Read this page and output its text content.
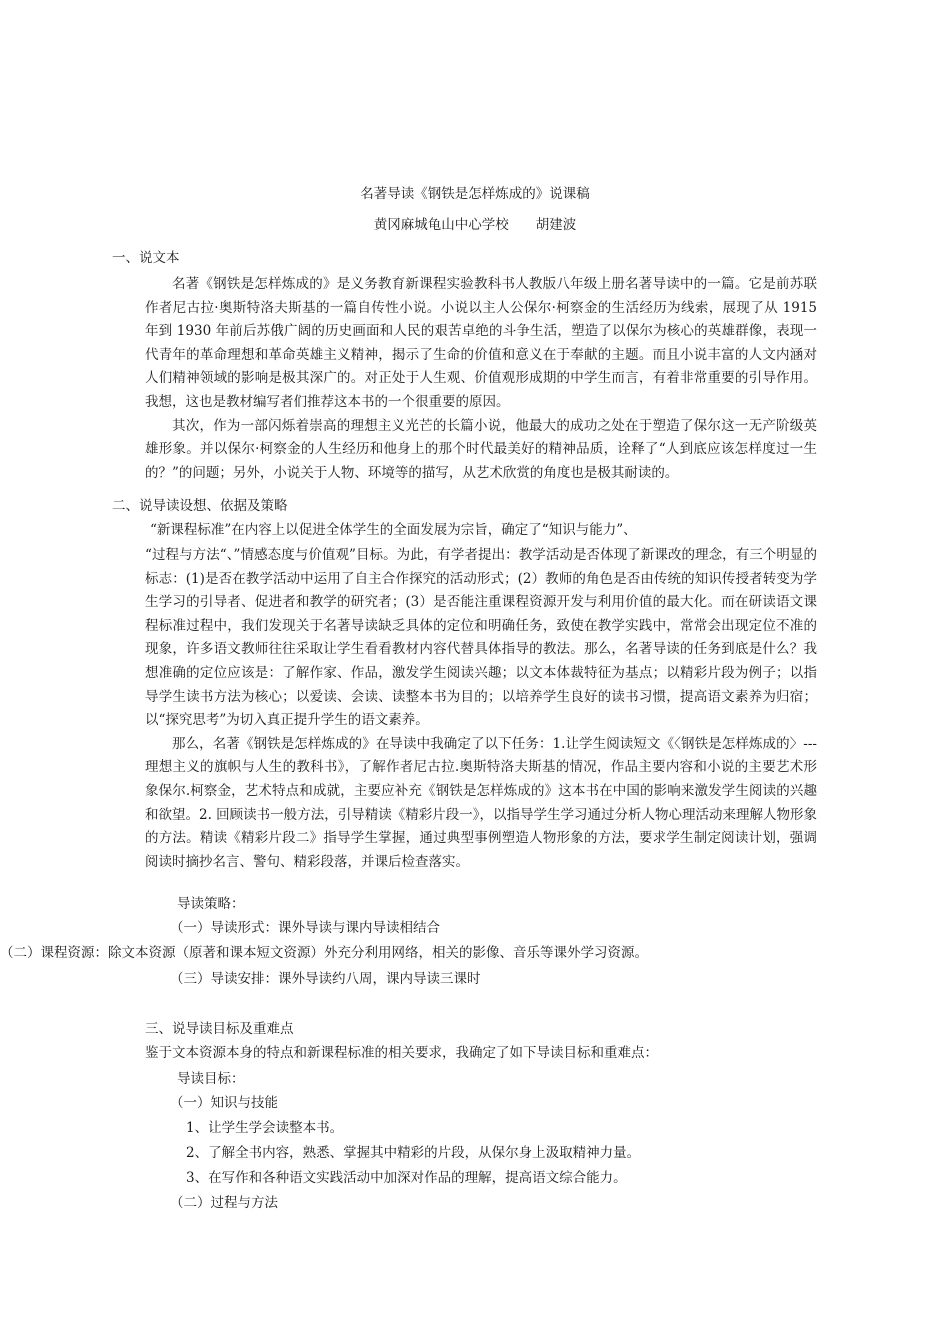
名著导读《钢铁是怎样炼成的》说课稿
黄冈麻城龟山中心学校　　胡建波
一、说文本

名著《钢铁是怎样炼成的》是义务教育新课程实验教科书人教版八年级上册名著导读中的一篇。它是前苏联作者尼古拉·奥斯特洛夫斯基的一篇自传性小说。小说以主人公保尔·柯察金的生活经历为线索，展现了从 1915 年到 1930 年前后苏俄广阔的历史画面和人民的艰苦卓绝的斗争生活，塑造了以保尔为核心的英雄群像，表现一代青年的革命理想和革命英雄主义精神，揭示了生命的价值和意义在于奉献的主题。而且小说丰富的人文内涵对人们精神领域的影响是极其深广的。对正处于人生观、价值观形成期的中学生而言，有着非常重要的引导作用。我想，这也是教材编写者们推荐这本书的一个很重要的原因。

其次，作为一部闪烁着崇高的理想主义光芒的长篇小说，他最大的成功之处在于塑造了保尔这一无产阶级英雄形象。并以保尔·柯察金的人生经历和他身上的那个时代最美好的精神品质，诠释了“人到底应该怎样度过一生的？”的问题；另外，小说关于人物、环境等的描写，从艺术欣赏的角度也是极其耐读的。

二、说导读设想、依据及策略
“新课程标准”在内容上以促进全体学生的全面发展为宗旨，确定了“知识与能力”、

“过程与方法“、”情感态度与价值观”目标。为此，有学者提出：教学活动是否体现了新课改的理念，有三个明显的标志：(1)是否在教学活动中运用了自主合作探究的活动形式；(2）教师的角色是否由传统的知识传授者转变为学生学习的引导者、促进者和教学的研究者；(3）是否能注重课程资源开发与利用价值的最大化。而在研读语文课程标准过程中，我们发现关于名著导读缺乏具体的定位和明确任务，致使在教学实践中，常常会出现定位不准的现象，许多语文教师往往采取让学生看看教材内容代替具体指导的教法。那么，名著导读的任务到底是什么？我想准确的定位应该是：了解作家、作品，激发学生阅读兴趣；以文本体裁特征为基点；以精彩片段为例子；以指导学生读书方法为核心；以爱读、会读、读整本书为目的；以培养学生良好的读书习惯，提高语文素养为归宿；以“探究思考”为切入真正提升学生的语文素养。

那么，名著《钢铁是怎样炼成的》在导读中我确定了以下任务：1.让学生阅读短文《〈钢铁是怎样炼成的〉---理想主义的旗帜与人生的教科书》，了解作者尼古拉.奥斯特洛夫斯基的情况，作品主要内容和小说的主要艺术形象保尔.柯察金，艺术特点和成就，主要应补充《钢铁是怎样炼成的》这本书在中国的影响来激发学生阅读的兴趣和欲望。2. 回顾读书一般方法，引导精读《精彩片段一》，以指导学生学习通过分析人物心理活动来理解人物形象的方法。精读《精彩片段二》指导学生掌握，通过典型事例塑造人物形象的方法，要求学生制定阅读计划，强调阅读时摘抄名言、警句、精彩段落，并课后检查落实。

导读策略：
（一）导读形式：课外导读与课内导读相结合
（二）课程资源：除文本资源（原著和课本短文资源）外充分利用网络，相关的影像、音乐等课外学习资源。
（三）导读安排：课外导读约八周，课内导读三课时
三、说导读目标及重难点
鉴于文本资源本身的特点和新课程标准的相关要求，我确定了如下导读目标和重难点：
导读目标：
（一）知识与技能
1、让学生学会读整本书。
2、了解全书内容，熟悉、掌握其中精彩的片段，从保尔身上汲取精神力量。
3、在写作和各种语文实践活动中加深对作品的理解，提高语文综合能力。
（二）过程与方法
